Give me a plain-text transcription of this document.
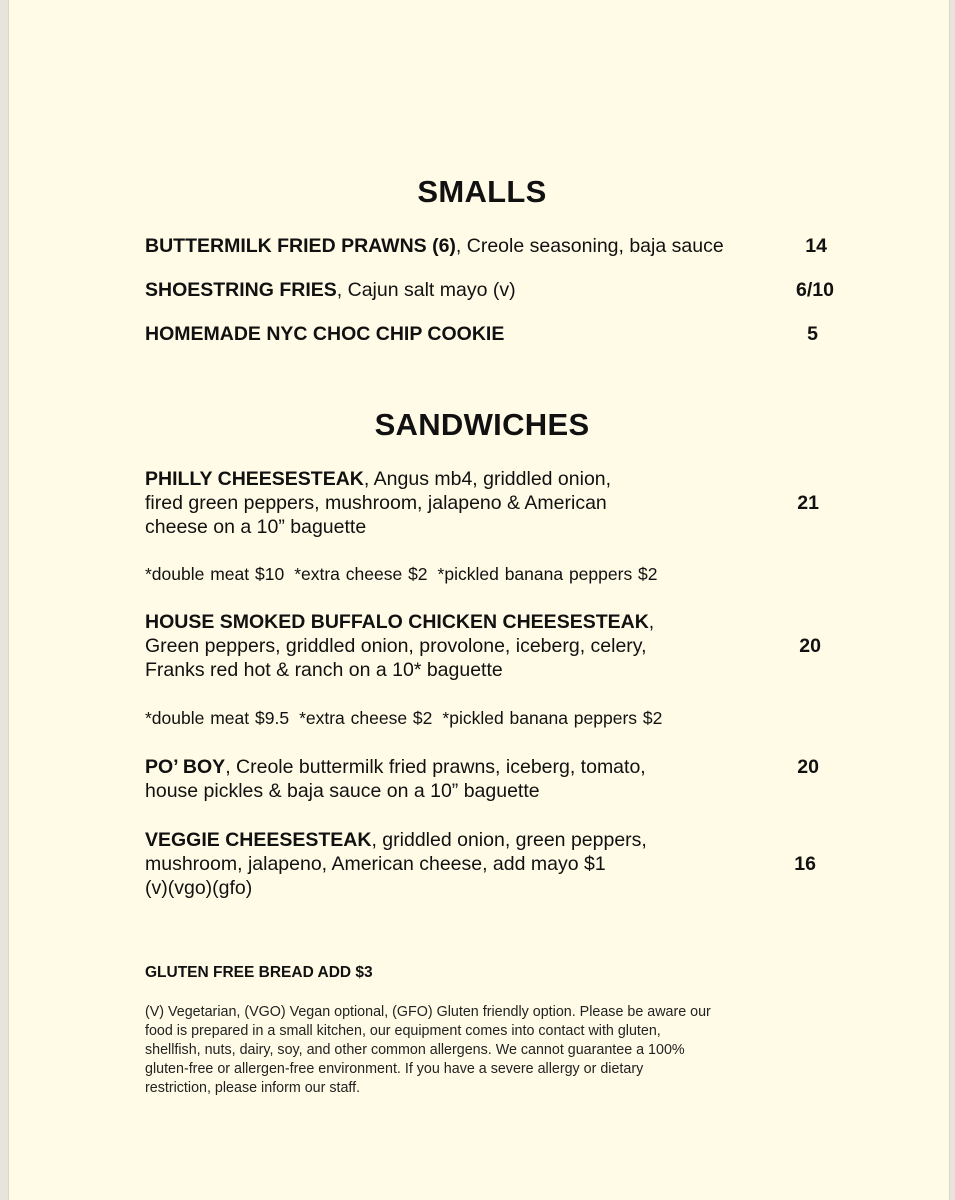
SMALLS
BUTTERMILK FRIED PRAWNS (6), Creole seasoning, baja sauce	14
SHOESTRING FRIES, Cajun salt mayo (v)	6/10
HOMEMADE NYC CHOC CHIP COOKIE	5
SANDWICHES
PHILLY CHEESESTEAK, Angus mb4, griddled onion,
fired green peppers, mushroom, jalapeno & American
cheese on a 10” baguette
21
*double meat $10 *extra cheese $2 *pickled banana peppers $2
HOUSE SMOKED BUFFALO CHICKEN CHEESESTEAK,
Green peppers, griddled onion, provolone, iceberg, celery,
Franks red hot & ranch on a 10* baguette
20
*double meat $9.5 *extra cheese $2 *pickled banana peppers $2
PO’ BOY, Creole buttermilk fried prawns, iceberg, tomato,
house pickles & baja sauce on a 10” baguette
20
VEGGIE CHEESESTEAK, griddled onion, green peppers,
mushroom, jalapeno, American cheese, add mayo $1
(v)(vgo)(gfo)
16
GLUTEN FREE BREAD ADD $3
(V) Vegetarian, (VGO) Vegan optional, (GFO) Gluten friendly option. Please be aware our
food is prepared in a small kitchen, our equipment comes into contact with gluten,
shellfish, nuts, dairy, soy, and other common allergens. We cannot guarantee a 100%
gluten-free or allergen-free environment. If you have a severe allergy or dietary
restriction, please inform our staff.
